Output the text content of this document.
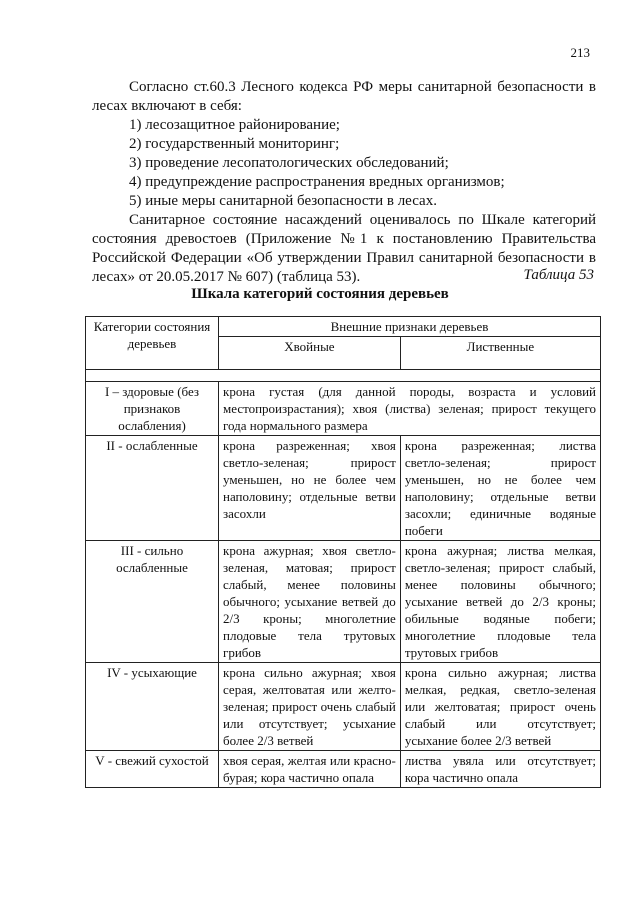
213

Согласно ст.60.3 Лесного кодекса РФ меры санитарной безопасности в лесах включают в себя:

1) лесозащитное районирование;

2) государственный мониторинг;

3) проведение лесопатологических обследований;

4) предупреждение распространения вредных организмов;

5) иные меры санитарной безопасности в лесах.

Санитарное состояние насаждений оценивалось по Шкале категорий состояния древостоев (Приложение №1 к постановлению Правительства Российской Федерации «Об утверждении Правил санитарной безопасности в лесах» от 20.05.2017 № 607) (таблица 53).	Таблица 53
Шкала категорий состояния деревьев
Категории состояния деревьев	Внешние признаки деревьев	
	Хвойные	Лиственные

I – здоровые (без признаков ослабления)	крона густая (для данной породы, возраста и условий местопроизрастания); хвоя (листва) зеленая; прирост текущего года нормального размера	
II - ослабленные	крона разреженная; хвоя светло-зеленая; прирост уменьшен, но не более чем наполовину; отдельные ветви засохли	крона разреженная; листва светло-зеленая; прирост уменьшен, но не более чем наполовину; отдельные ветви засохли; единичные водяные побеги
III - сильно ослабленные	крона ажурная; хвоя светло-зеленая, матовая; прирост слабый, менее половины обычного; усыхание ветвей до 2/3 кроны; многолетние плодовые тела трутовых грибов	крона ажурная; листва мелкая, светло-зеленая; прирост слабый, менее половины обычного; усыхание ветвей до 2/3 кроны; обильные водяные побеги; многолетние плодовые тела трутовых грибов
IV - усыхающие	крона сильно ажурная; хвоя серая, желтоватая или желто-зеленая; прирост очень слабый или отсутствует; усыхание более 2/3 ветвей	крона сильно ажурная; листва мелкая, редкая, светло-зеленая или желтоватая; прирост очень слабый или отсутствует; усыхание более 2/3 ветвей
V - свежий сухостой	хвоя серая, желтая или красно-бурая; кора частично опала	листва увяла или отсутствует; кора частично опала
